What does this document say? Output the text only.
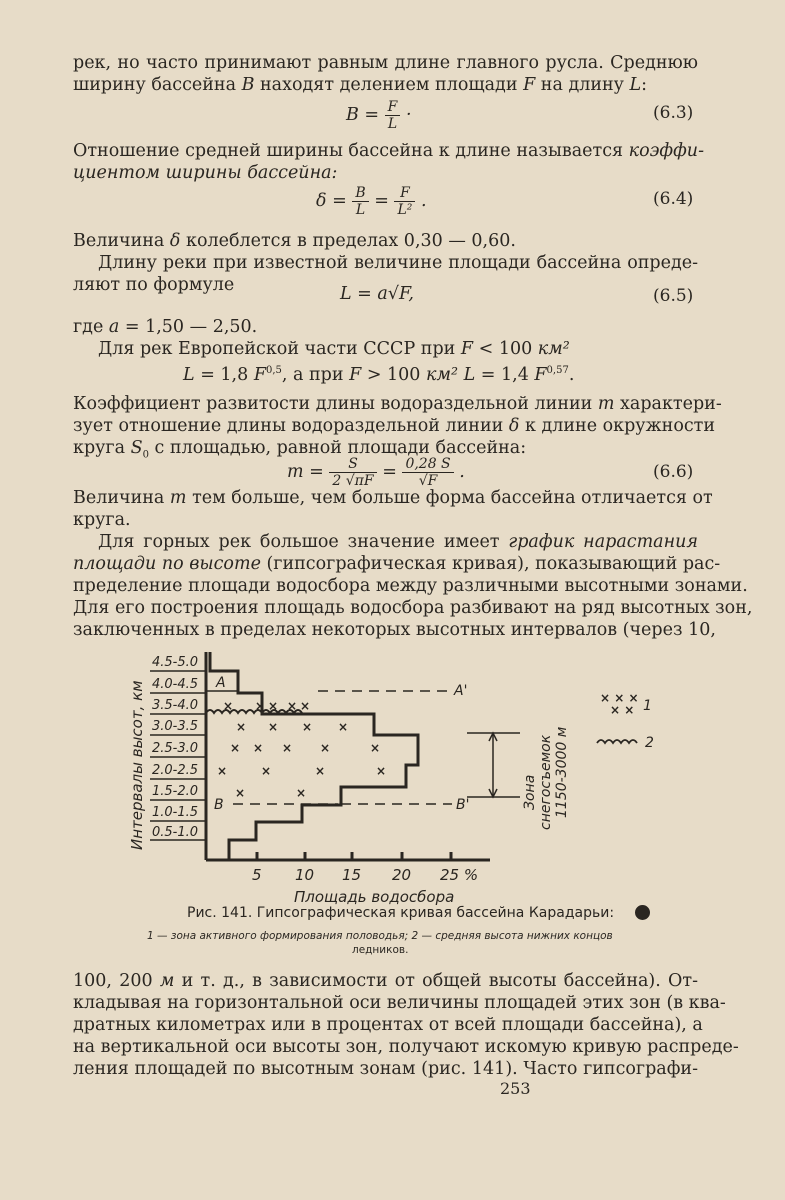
рек, но часто принимают равным длине главного русла. Среднюю
ширину бассейна B находят делением площади F на длину L:
$B = \frac{F}{L}$ ·	(6.3)
Отношение средней ширины бассейна к длине называется коэффи-
циентом ширины бассейна:
$\delta = \frac{B}{L} = \frac{F}{\text{L²}}$ .	(6.4)
Величина δ колеблется в пределах 0,30 — 0,60.
Длину реки при известной величине площади бассейна опреде-
ляют по формуле	L = a√F,	(6.5)
где a = 1,50 — 2,50.
Для рек Европейской части СССР при F < 100 км²
L = 1,8 F$^{0,5}$, а при F > 100 км² L = 1,4 F$^{0,57}$.
Коэффициент развитости длины водораздельной линии m характери-
зует отношение длины водораздельной линии δ к длине окружности
круга $S_0$ с площадью, равной площади бассейна:
$m = \frac{S}{2 √\pi F} = \frac{0,28 S}{√F}$ .	(6.6)
Величина m тем больше, чем больше форма бассейна отличается от
круга.
Для горных рек большое значение имеет график нарастания
площади по высоте (гипсографическая кривая), показывающий рас-
пределение площади водосбора между различными высотными зонами.
Для его построения площадь водосбора разбивают на ряд высотных зон,
заключенных в пределах некоторых высотных интервалов (через 10,
× × × × ×
× × × ×
×	× ×	×
×
×	×	×	×
×	×
× × ×
× × 1
2
4.5-5.0
4.0-4.5
3.5-4.0
3.0-3.5
2.5-3.0
2.0-2.5
1.5-2.0
1.0-1.5
0.5-1.0
A	A'
B	B'
5 10 15 20 25 %
Площадь водосбора
Интервалы высот, км	Зона снегосъемок 1150-3000 м
Рис. 141. Гипсографическая кривая бассейна Карадарьи:
1 — зона активного формирования половодья; 2 — средняя высота нижних концов
ледников.
100, 200 м и т. д., в зависимости от общей высоты бассейна). От-
кладывая на горизонтальной оси величины площадей этих зон (в ква-
дратных километрах или в процентах от всей площади бассейна), а
на вертикальной оси высоты зон, получают искомую кривую распреде-
ления площадей по высотным зонам (рис. 141). Часто гипсографи-
253
